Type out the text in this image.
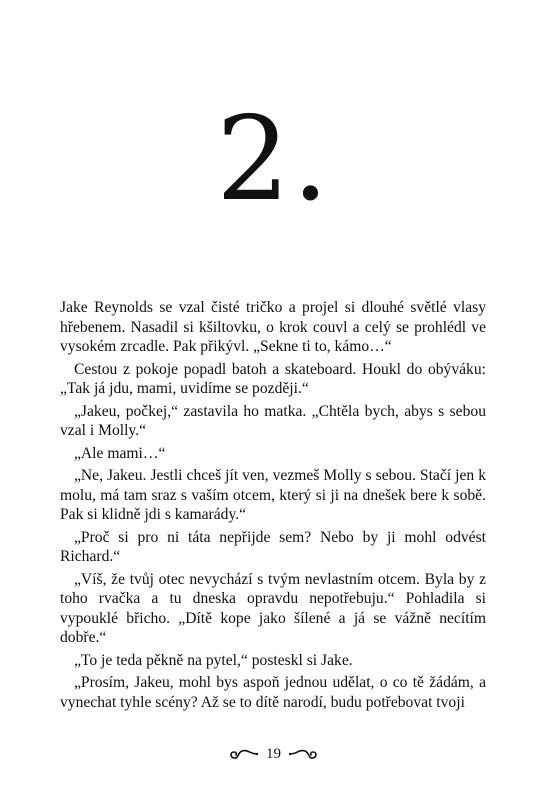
2.

Jake Reynolds se vzal čisté tričko a projel si dlouhé světlé vlasy hřebenem. Nasadil si kšiltovku, o krok couvl a celý se prohlédl ve vysokém zrcadle. Pak přikývl. „Sekne ti to, kámo…“

Cestou z pokoje popadl batoh a skateboard. Houkl do obýváku: „Tak já jdu, mami, uvidíme se později.“

„Jakeu, počkej,“ zastavila ho matka. „Chtěla bych, abys s sebou vzal i Molly.“

„Ale mami…“

„Ne, Jakeu. Jestli chceš jít ven, vezmeš Molly s sebou. Stačí jen k molu, má tam sraz s vaším otcem, který si ji na dnešek bere k sobě. Pak si klidně jdi s kamarády.“

„Proč si pro ni táta nepřijde sem? Nebo by ji mohl odvést Richard.“

„Víš, že tvůj otec nevychází s tvým nevlastním otcem. Byla by z toho rvačka a tu dneska opravdu nepotřebuju.“ Pohladila si vypouklé břicho. „Dítě kope jako šílené a já se vážně necítím dobře.“

„To je teda pěkně na pytel,“ posteskl si Jake.

„Prosím, Jakeu, mohl bys aspoň jednou udělat, o co tě žádám, a vynechat tyhle scény? Až se to dítě narodí, budu potřebovat tvoji

19
